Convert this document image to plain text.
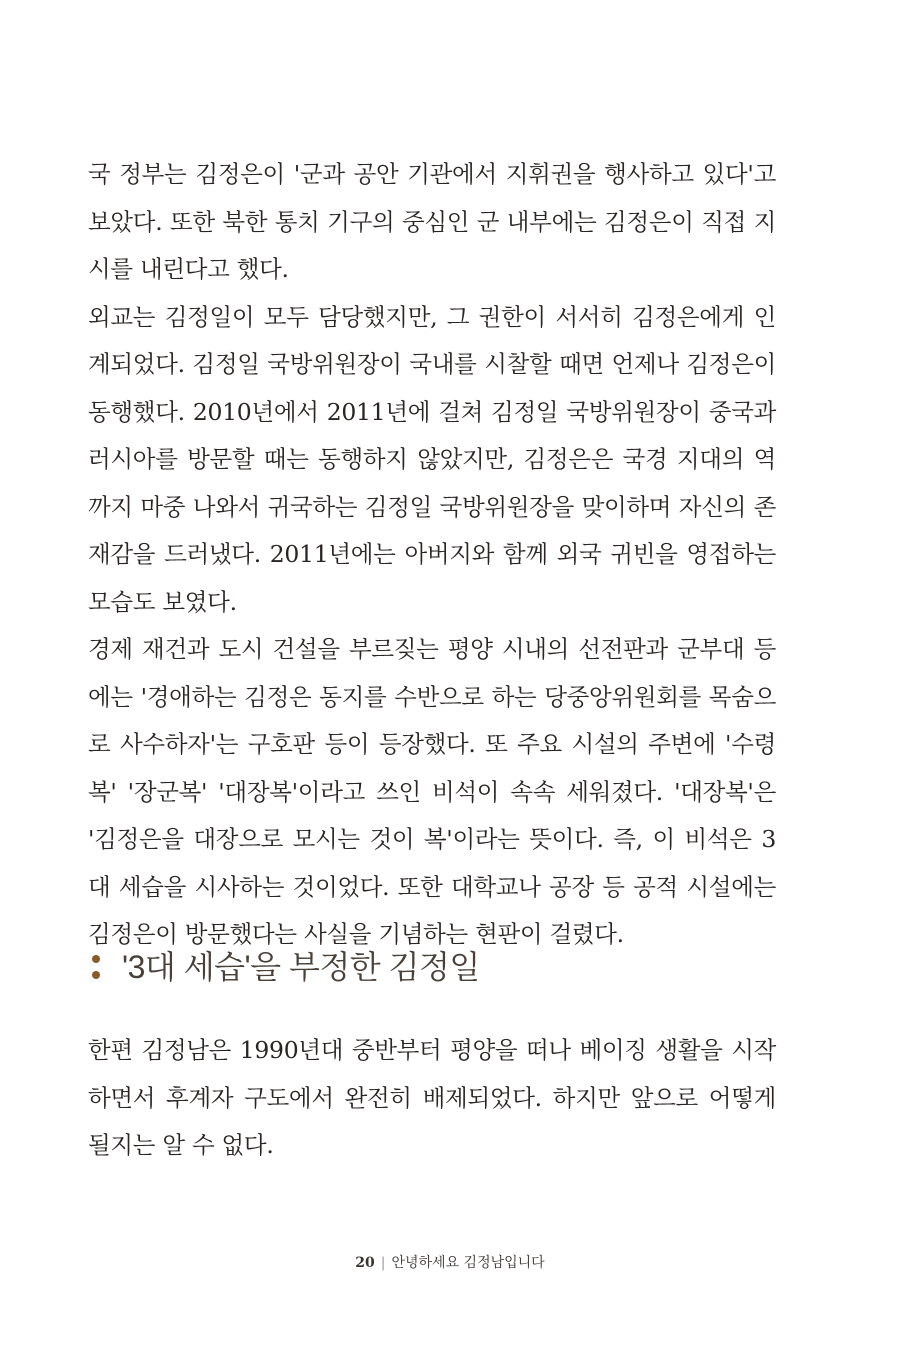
국 정부는 김정은이 '군과 공안 기관에서 지휘권을 행사하고 있다'고 보았다. 또한 북한 통치 기구의 중심인 군 내부에는 김정은이 직접 지시를 내린다고 했다.

외교는 김정일이 모두 담당했지만, 그 권한이 서서히 김정은에게 인계되었다. 김정일 국방위원장이 국내를 시찰할 때면 언제나 김정은이 동행했다. 2010년에서 2011년에 걸쳐 김정일 국방위원장이 중국과 러시아를 방문할 때는 동행하지 않았지만, 김정은은 국경 지대의 역까지 마중 나와서 귀국하는 김정일 국방위원장을 맞이하며 자신의 존재감을 드러냈다. 2011년에는 아버지와 함께 외국 귀빈을 영접하는 모습도 보였다.

경제 재건과 도시 건설을 부르짖는 평양 시내의 선전판과 군부대 등에는 '경애하는 김정은 동지를 수반으로 하는 당중앙위원회를 목숨으로 사수하자'는 구호판 등이 등장했다. 또 주요 시설의 주변에 '수령복' '장군복' '대장복'이라고 쓰인 비석이 속속 세워졌다. '대장복'은 '김정은을 대장으로 모시는 것이 복'이라는 뜻이다. 즉, 이 비석은 3대 세습을 시사하는 것이었다. 또한 대학교나 공장 등 공적 시설에는 김정은이 방문했다는 사실을 기념하는 현판이 걸렸다.

'3대 세습'을 부정한 김정일

한편 김정남은 1990년대 중반부터 평양을 떠나 베이징 생활을 시작하면서 후계자 구도에서 완전히 배제되었다. 하지만 앞으로 어떻게 될지는 알 수 없다.

20 | 안녕하세요 김정남입니다
